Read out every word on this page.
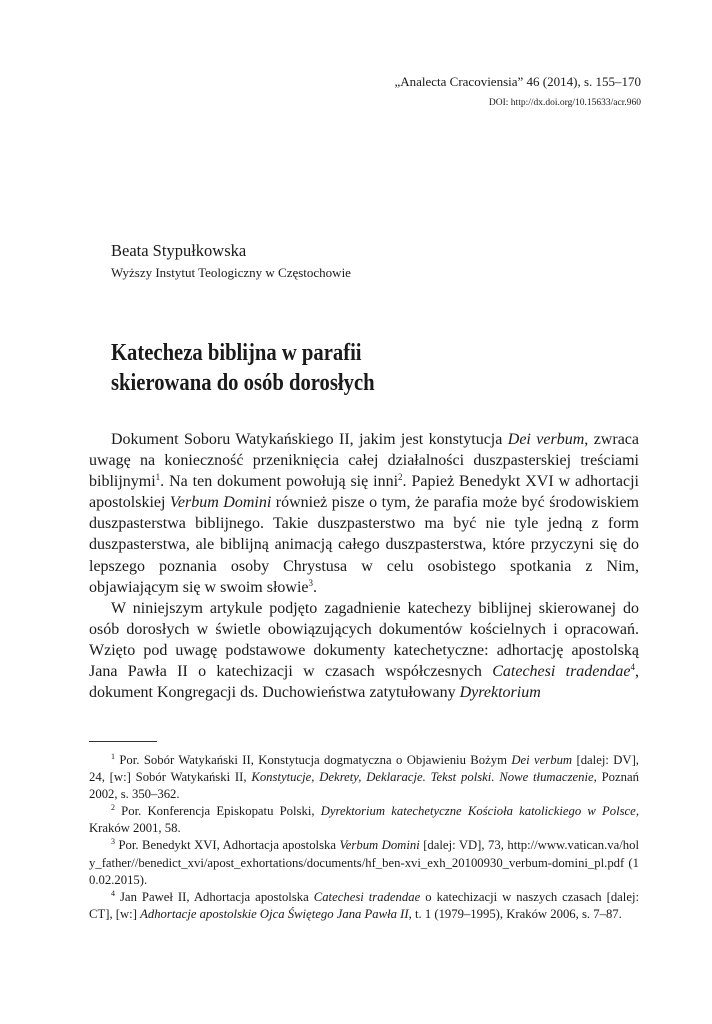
„Analecta Cracoviensia” 46 (2014), s. 155–170
DOI: http://dx.doi.org/10.15633/acr.960
Beata Stypułkowska
Wyższy Instytut Teologiczny w Częstochowie
Katecheza biblijna w parafii
skierowana do osób dorosłych

Dokument Soboru Watykańskiego II, jakim jest konstytucja Dei verbum, zwraca uwagę na konieczność przeniknięcia całej działalności duszpasterskiej treściami biblijnymi$^1$. Na ten dokument powołują się inni$^2$. Papież Benedykt XVI w adhortacji apostolskiej Verbum Domini również pisze o tym, że parafia może być środowiskiem duszpasterstwa biblijnego. Takie duszpasterstwo ma być nie tyle jedną z form duszpasterstwa, ale biblijną animacją całego duszpasterstwa, które przyczyni się do lepszego poznania osoby Chrystusa w celu osobistego spotkania z Nim, objawiającym się w swoim słowie$^3$.

W niniejszym artykule podjęto zagadnienie katechezy biblijnej skierowanej do osób dorosłych w świetle obowiązujących dokumentów kościelnych i opracowań. Wzięto pod uwagę podstawowe dokumenty katechetyczne: adhortację apostolską Jana Pawła II o katechizacji w czasach współczesnych Catechesi tradendae$^4$, dokument Kongregacji ds. Duchowieństwa zatytułowany Dyrektorium

$^1$ Por. Sobór Watykański II, Konstytucja dogmatyczna o Objawieniu Bożym Dei verbum [dalej: DV], 24, [w:] Sobór Watykański II, Konstytucje, Dekrety, Deklaracje. Tekst polski. Nowe tłumaczenie, Poznań 2002, s. 350–362.

$^2$ Por. Konferencja Episkopatu Polski, Dyrektorium katechetyczne Kościoła katolickiego w Polsce, Kraków 2001, 58.

$^3$ Por. Benedykt XVI, Adhortacja apostolska Verbum Domini [dalej: VD], 73, http://www.vatican.va/holy_father//benedict_xvi/apost_exhortations/documents/hf_ben-xvi_exh_20100930_verbum-domini_pl.pdf (10.02.2015).

$^4$ Jan Paweł II, Adhortacja apostolska Catechesi tradendae o katechizacji w naszych czasach [dalej: CT], [w:] Adhortacje apostolskie Ojca Świętego Jana Pawła II, t. 1 (1979–1995), Kraków 2006, s. 7–87.
